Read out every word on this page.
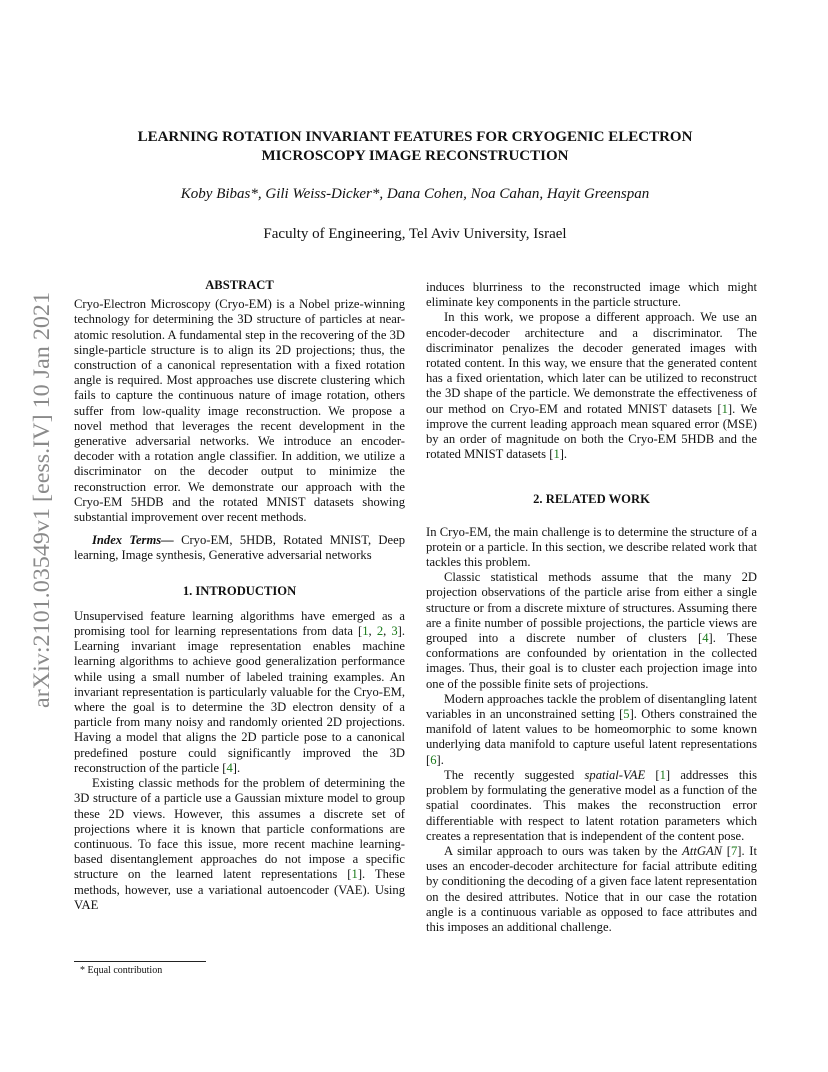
arXiv:2101.03549v1 [eess.IV] 10 Jan 2021
LEARNING ROTATION INVARIANT FEATURES FOR CRYOGENIC ELECTRON
MICROSCOPY IMAGE RECONSTRUCTION
Koby Bibas*, Gili Weiss-Dicker*, Dana Cohen, Noa Cahan, Hayit Greenspan
Faculty of Engineering, Tel Aviv University, Israel
ABSTRACT

Cryo-Electron Microscopy (Cryo-EM) is a Nobel prize-winning technology for determining the 3D structure of particles at near-atomic resolution. A fundamental step in the recovering of the 3D single-particle structure is to align its 2D projections; thus, the construction of a canonical representation with a fixed rotation angle is required. Most approaches use discrete clustering which fails to capture the continuous nature of image rotation, others suffer from low-quality image reconstruction. We propose a novel method that leverages the recent development in the generative adversarial networks. We introduce an encoder-decoder with a rotation angle classifier. In addition, we utilize a discriminator on the decoder output to minimize the reconstruction error. We demonstrate our approach with the Cryo-EM 5HDB and the rotated MNIST datasets showing substantial improvement over recent methods.

Index Terms— Cryo-EM, 5HDB, Rotated MNIST, Deep learning, Image synthesis, Generative adversarial networks

1. INTRODUCTION

Unsupervised feature learning algorithms have emerged as a promising tool for learning representations from data [1, 2, 3]. Learning invariant image representation enables machine learning algorithms to achieve good generalization performance while using a small number of labeled training examples. An invariant representation is particularly valuable for the Cryo-EM, where the goal is to determine the 3D electron density of a particle from many noisy and randomly oriented 2D projections. Having a model that aligns the 2D particle pose to a canonical predefined posture could significantly improved the 3D reconstruction of the particle [4].

Existing classic methods for the problem of determining the 3D structure of a particle use a Gaussian mixture model to group these 2D views. However, this assumes a discrete set of projections where it is known that particle conformations are continuous. To face this issue, more recent machine learning-based disentanglement approaches do not impose a specific structure on the learned latent representations [1]. These methods, however, use a variational autoencoder (VAE). Using VAE

induces blurriness to the reconstructed image which might eliminate key components in the particle structure.

In this work, we propose a different approach. We use an encoder-decoder architecture and a discriminator. The discriminator penalizes the decoder generated images with rotated content. In this way, we ensure that the generated content has a fixed orientation, which later can be utilized to reconstruct the 3D shape of the particle. We demonstrate the effectiveness of our method on Cryo-EM and rotated MNIST datasets [1]. We improve the current leading approach mean squared error (MSE) by an order of magnitude on both the Cryo-EM 5HDB and the rotated MNIST datasets [1].

2. RELATED WORK

In Cryo-EM, the main challenge is to determine the structure of a protein or a particle. In this section, we describe related work that tackles this problem.

Classic statistical methods assume that the many 2D projection observations of the particle arise from either a single structure or from a discrete mixture of structures. Assuming there are a finite number of possible projections, the particle views are grouped into a discrete number of clusters [4]. These conformations are confounded by orientation in the collected images. Thus, their goal is to cluster each projection image into one of the possible finite sets of projections.

Modern approaches tackle the problem of disentangling latent variables in an unconstrained setting [5]. Others constrained the manifold of latent values to be homeomorphic to some known underlying data manifold to capture useful latent representations [6].

The recently suggested spatial-VAE [1] addresses this problem by formulating the generative model as a function of the spatial coordinates. This makes the reconstruction error differentiable with respect to latent rotation parameters which creates a representation that is independent of the content pose.

A similar approach to ours was taken by the AttGAN [7]. It uses an encoder-decoder architecture for facial attribute editing by conditioning the decoding of a given face latent representation on the desired attributes. Notice that in our case the rotation angle is a continuous variable as opposed to face attributes and this imposes an additional challenge.

* Equal contribution
